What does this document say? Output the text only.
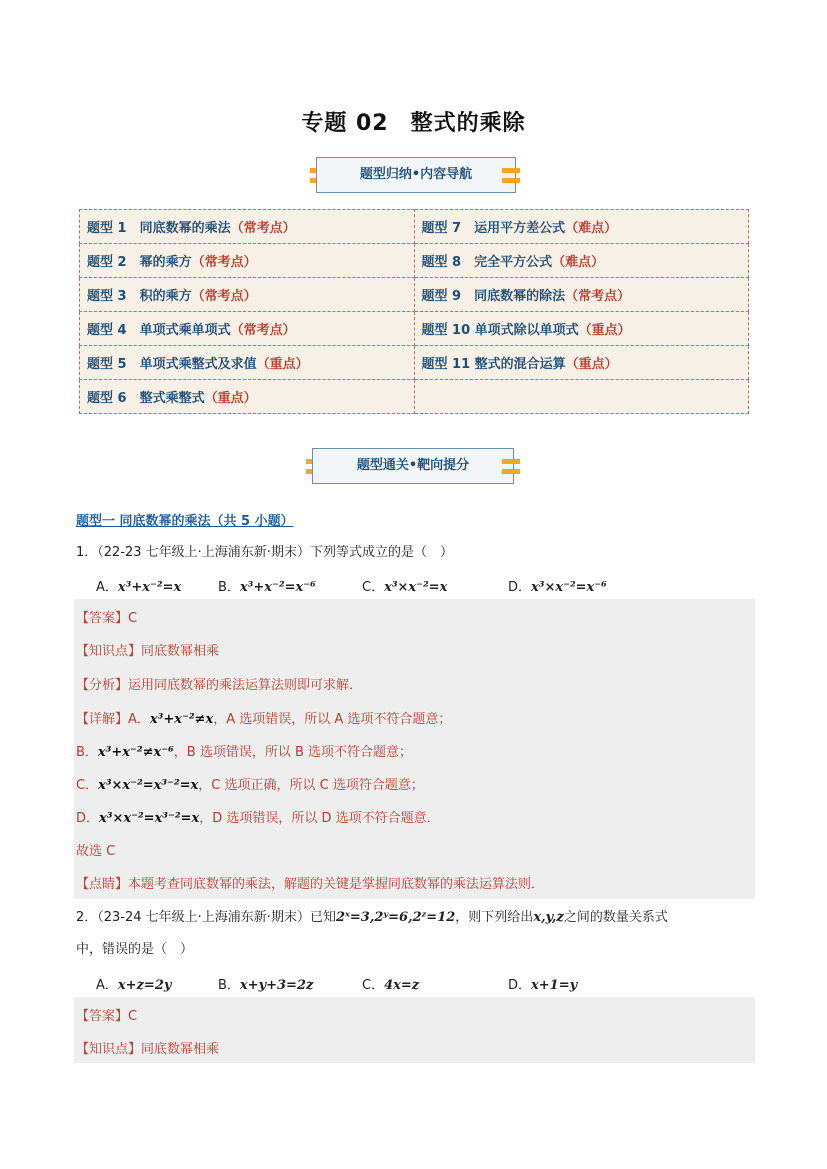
专题 02 整式的乘除
题型归纳•内容导航
题型 1　同底数幂的乘法（常考点）	题型 7　运用平方差公式（难点）
题型 2　幂的乘方（常考点）	题型 8　完全平方公式（难点）
题型 3　积的乘方（常考点）	题型 9　同底数幂的除法（常考点）
题型 4　单项式乘单项式（常考点）	题型 10 单项式除以单项式（重点）
题型 5　单项式乘整式及求值（重点）	题型 11 整式的混合运算（重点）
题型 6　整式乘整式（重点）	
题型通关•靶向提分
题型一 同底数幂的乘法（共 5 小题）
1．（22-23 七年级上·上海浦东新·期末）下列等式成立的是（　）
A．x³+x⁻²=x	B．x³+x⁻²=x⁻⁶	C．x³×x⁻²=x	D．x³×x⁻²=x⁻⁶
【答案】C
【知识点】同底数幂相乘
【分析】运用同底数幂的乘法运算法则即可求解．
【详解】A．x³+x⁻²≠x，A 选项错误，所以 A 选项不符合题意；
B．x³+x⁻²≠x⁻⁶，B 选项错误，所以 B 选项不符合题意；
C．x³×x⁻²=x³⁻²=x，C 选项正确，所以 C 选项符合题意；
D．x³×x⁻²=x³⁻²=x，D 选项错误，所以 D 选项不符合题意．
故选 C
【点睛】本题考查同底数幂的乘法，解题的关键是掌握同底数幂的乘法运算法则．
2．（23-24 七年级上·上海浦东新·期末）已知2ˣ=3,2ʸ=6,2ᶻ=12，则下列给出x,y,z之间的数量关系式
中，错误的是（　）
A．x+z=2y	B．x+y+3=2z	C．4x=z	D．x+1=y
【答案】C
【知识点】同底数幂相乘
